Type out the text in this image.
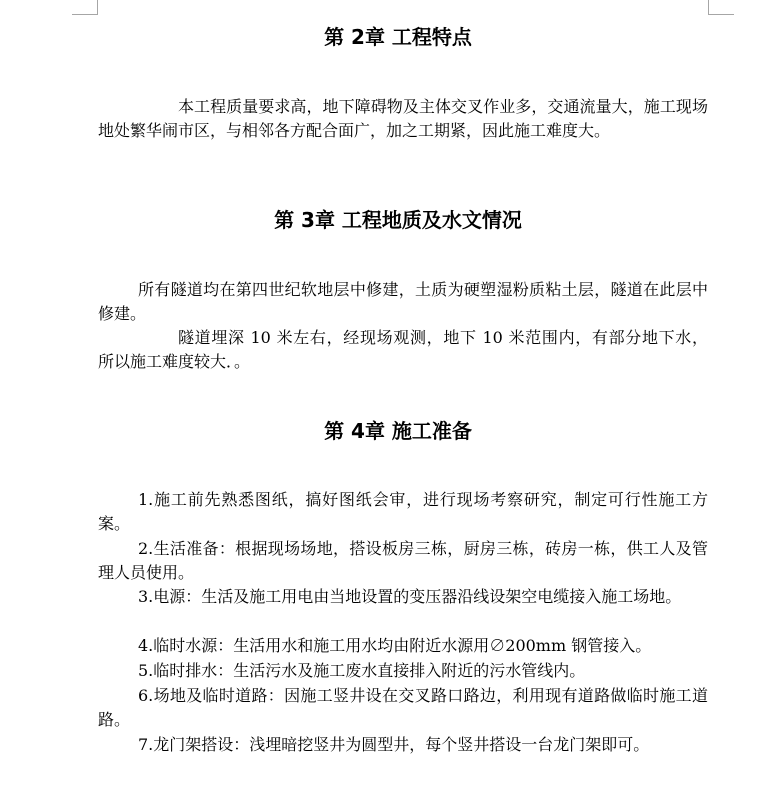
第 2章 工程特点

本工程质量要求高，地下障碍物及主体交叉作业多，交通流量大，施工现场地处繁华闹市区，与相邻各方配合面广，加之工期紧，因此施工难度大。

第 3章 工程地质及水文情况

所有隧道均在第四世纪软地层中修建，土质为硬塑湿粉质粘土层，隧道在此层中修建。

隧道埋深 10 米左右，经现场观测，地下 10 米范围内，有部分地下水， 所以施工难度较大．。

第 4章 施工准备

1.施工前先熟悉图纸，搞好图纸会审，进行现场考察研究，制定可行性施工方案。

2.生活准备：根据现场场地，搭设板房三栋，厨房三栋，砖房一栋，供工人及管理人员使用。

3.电源：生活及施工用电由当地设置的变压器沿线设架空电缆接入施工场地。

4.临时水源：生活用水和施工用水均由附近水源用∅200mm 钢管接入。

5.临时排水：生活污水及施工废水直接排入附近的污水管线内。

6.场地及临时道路：因施工竖井设在交叉路口路边，利用现有道路做临时施工道路。

7.龙门架搭设：浅埋暗挖竖井为圆型井，每个竖井搭设一台龙门架即可。
